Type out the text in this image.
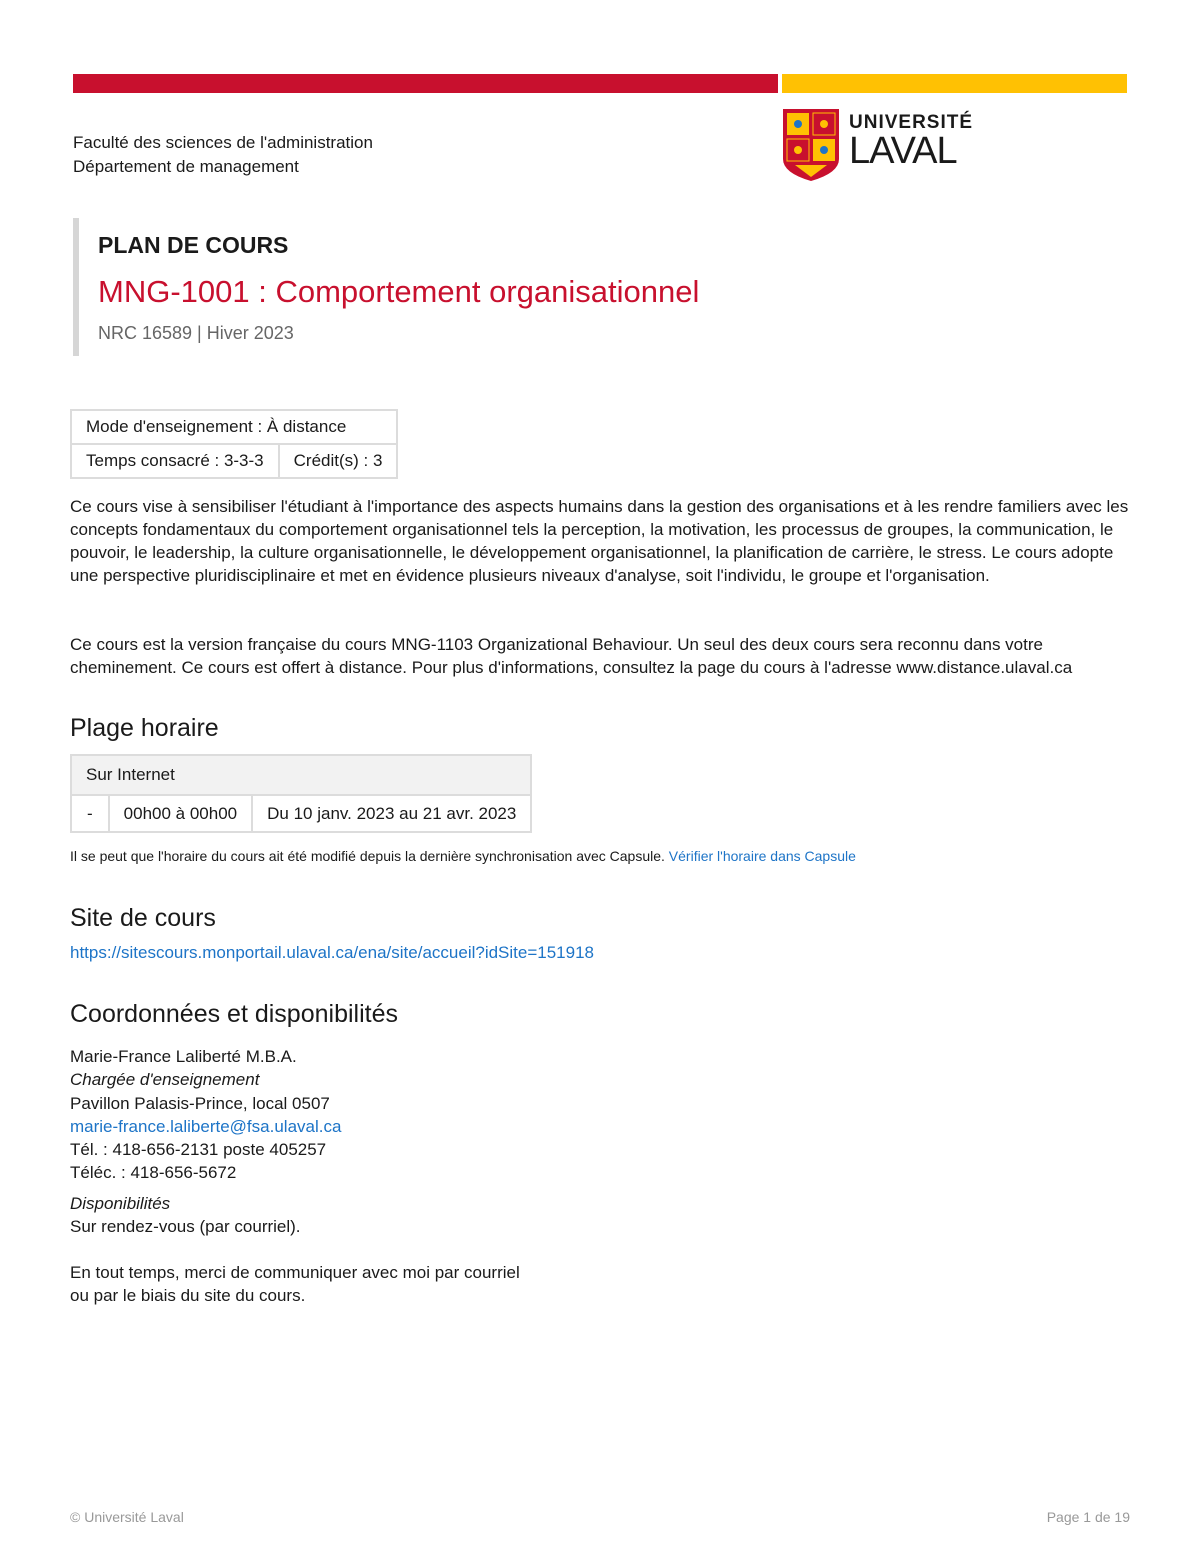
Faculté des sciences de l'administration
Département de management
UNIVERSITÉ
LAVAL
PLAN DE COURS
MNG-1001 : Comportement organisationnel
NRC 16589 | Hiver 2023
Mode d'enseignement : À distance
Temps consacré : 3-3-3	Crédit(s) : 3
Ce cours vise à sensibiliser l'étudiant à l'importance des aspects humains dans la gestion des organisations et à les rendre familiers avec les concepts fondamentaux du comportement organisationnel tels la perception, la motivation, les processus de groupes, la communication, le pouvoir, le leadership, la culture organisationnelle, le développement organisationnel, la planification de carrière, le stress. Le cours adopte une perspective pluridisciplinaire et met en évidence plusieurs niveaux d'analyse, soit l'individu, le groupe et l'organisation.
Ce cours est la version française du cours MNG-1103 Organizational Behaviour. Un seul des deux cours sera reconnu dans votre cheminement. Ce cours est offert à distance. Pour plus d'informations, consultez la page du cours à l'adresse www.distance.ulaval.ca
Plage horaire
Sur Internet
-	00h00 à 00h00	Du 10 janv. 2023 au 21 avr. 2023
Il se peut que l'horaire du cours ait été modifié depuis la dernière synchronisation avec Capsule. Vérifier l'horaire dans Capsule
Site de cours
https://sitescours.monportail.ulaval.ca/ena/site/accueil?idSite=151918
Coordonnées et disponibilités
Marie-France Laliberté M.B.A.
Chargée d'enseignement
Pavillon Palasis-Prince, local 0507
marie-france.laliberte@fsa.ulaval.ca
Tél. : 418-656-2131 poste 405257
Téléc. : 418-656-5672
Disponibilités
Sur rendez-vous (par courriel).
En tout temps, merci de communiquer avec moi par courriel
ou par le biais du site du cours.
© Université Laval	Page 1 de 19
